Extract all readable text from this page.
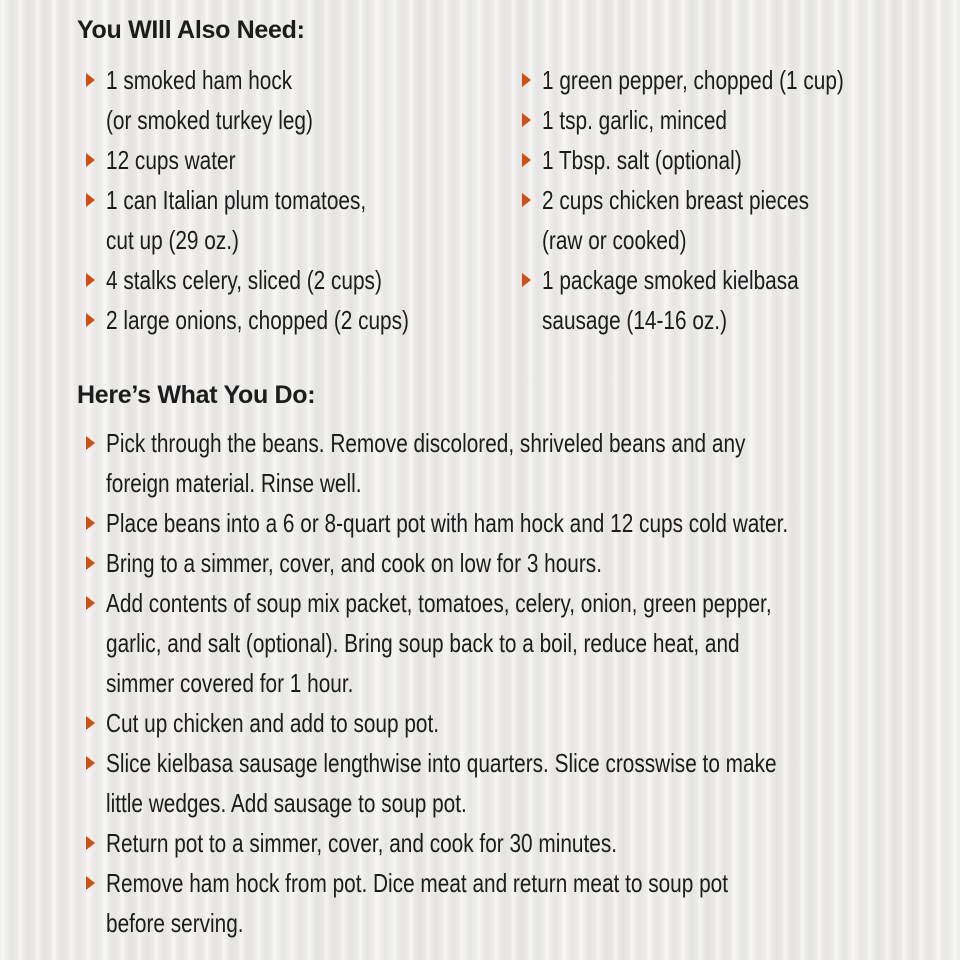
You WIll Also Need:
1 smoked ham hock
(or smoked turkey leg)
12 cups water
1 can Italian plum tomatoes,
cut up (29 oz.)
4 stalks celery, sliced (2 cups)
2 large onions, chopped (2 cups)
1 green pepper, chopped (1 cup)
1 tsp. garlic, minced
1 Tbsp. salt (optional)
2 cups chicken breast pieces
(raw or cooked)
1 package smoked kielbasa
sausage (14-16 oz.)
Here’s What You Do:
Pick through the beans. Remove discolored, shriveled beans and any
foreign material. Rinse well.
Place beans into a 6 or 8-quart pot with ham hock and 12 cups cold water.
Bring to a simmer, cover, and cook on low for 3 hours.
Add contents of soup mix packet, tomatoes, celery, onion, green pepper,
garlic, and salt (optional). Bring soup back to a boil, reduce heat, and
simmer covered for 1 hour.
Cut up chicken and add to soup pot.
Slice kielbasa sausage lengthwise into quarters. Slice crosswise to make
little wedges. Add sausage to soup pot.
Return pot to a simmer, cover, and cook for 30 minutes.
Remove ham hock from pot. Dice meat and return meat to soup pot
before serving.
